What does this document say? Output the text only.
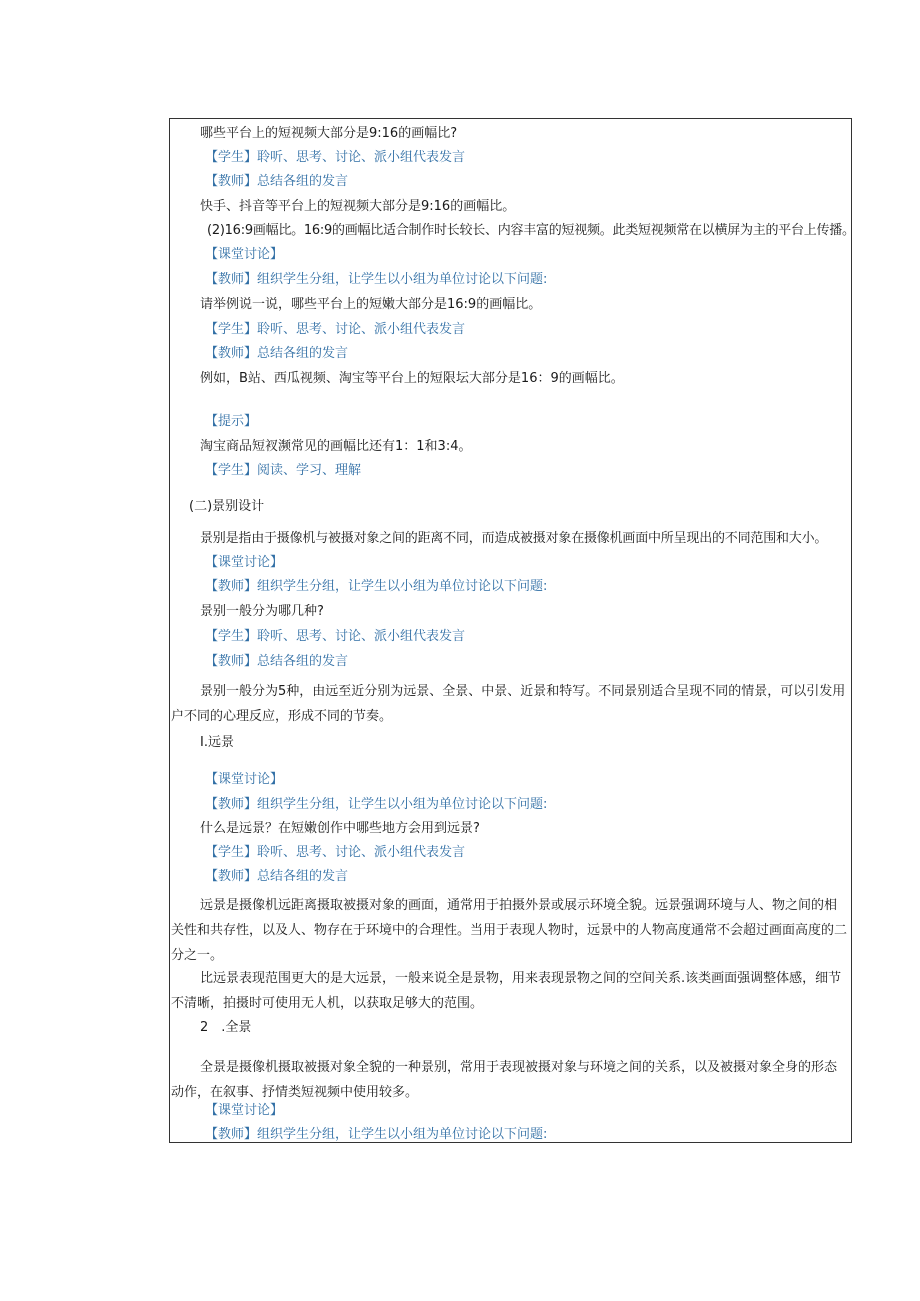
哪些平台上的短视频大部分是9:16的画幅比?
【学生】聆听、思考、讨论、派小组代表发言
【教师】总结各组的发言
快手、抖音等平台上的短视频大部分是9:16的画幅比。
(2)16:9画幅比。16:9的画幅比适合制作时长较长、内容丰富的短视频。此类短视频常在以横屏为主的平台上传播。
【课堂讨论】
【教师】组织学生分组，让学生以小组为单位讨论以下问题:
请举例说一说，哪些平台上的短嫩大部分是16:9的画幅比。
【学生】聆听、思考、讨论、派小组代表发言
【教师】总结各组的发言
例如，B站、西瓜视频、淘宝等平台上的短限坛大部分是16：9的画幅比。
【提示】
淘宝商品短衩濒常见的画幅比还有1：1和3:4。
【学生】阅读、学习、理解
(二)景别设计
景别是指由于摄像机与被摄对象之间的距离不同，而造成被摄对象在摄像机画面中所呈现出的不同范围和大小。
【课堂讨论】
【教师】组织学生分组，让学生以小组为单位讨论以下问题:
景别一般分为哪几种?
【学生】聆听、思考、讨论、派小组代表发言
【教师】总结各组的发言
景别一般分为5种，由远至近分别为远景、全景、中景、近景和特写。不同景别适合呈现不同的情景，可以引发用户不同的心理反应，形成不同的节奏。
I.远景
【课堂讨论】
【教师】组织学生分组，让学生以小组为单位讨论以下问题:
什么是远景？在短嫩创作中哪些地方会用到远景?
【学生】聆听、思考、讨论、派小组代表发言
【教师】总结各组的发言
远景是摄像机远距离摄取被摄对象的画面，通常用于拍摄外景或展示环境全貌。远景强调环境与人、物之间的相关性和共存性，以及人、物存在于环境中的合理性。当用于表现人物时，远景中的人物高度通常不会超过画面高度的二分之一。
比远景表现范围更大的是大远景，一般来说全是景物，用来表现景物之间的空间关系.该类画面强调整体感，细节不清晰，拍摄时可使用无人机，以获取足够大的范围。
2　.全景
全景是摄像机摄取被摄对象全貌的一种景别，常用于表现被摄对象与环境之间的关系，以及被摄对象全身的形态动作，在叙事、抒情类短视频中使用较多。
【课堂讨论】
【教师】组织学生分组，让学生以小组为单位讨论以下问题:
